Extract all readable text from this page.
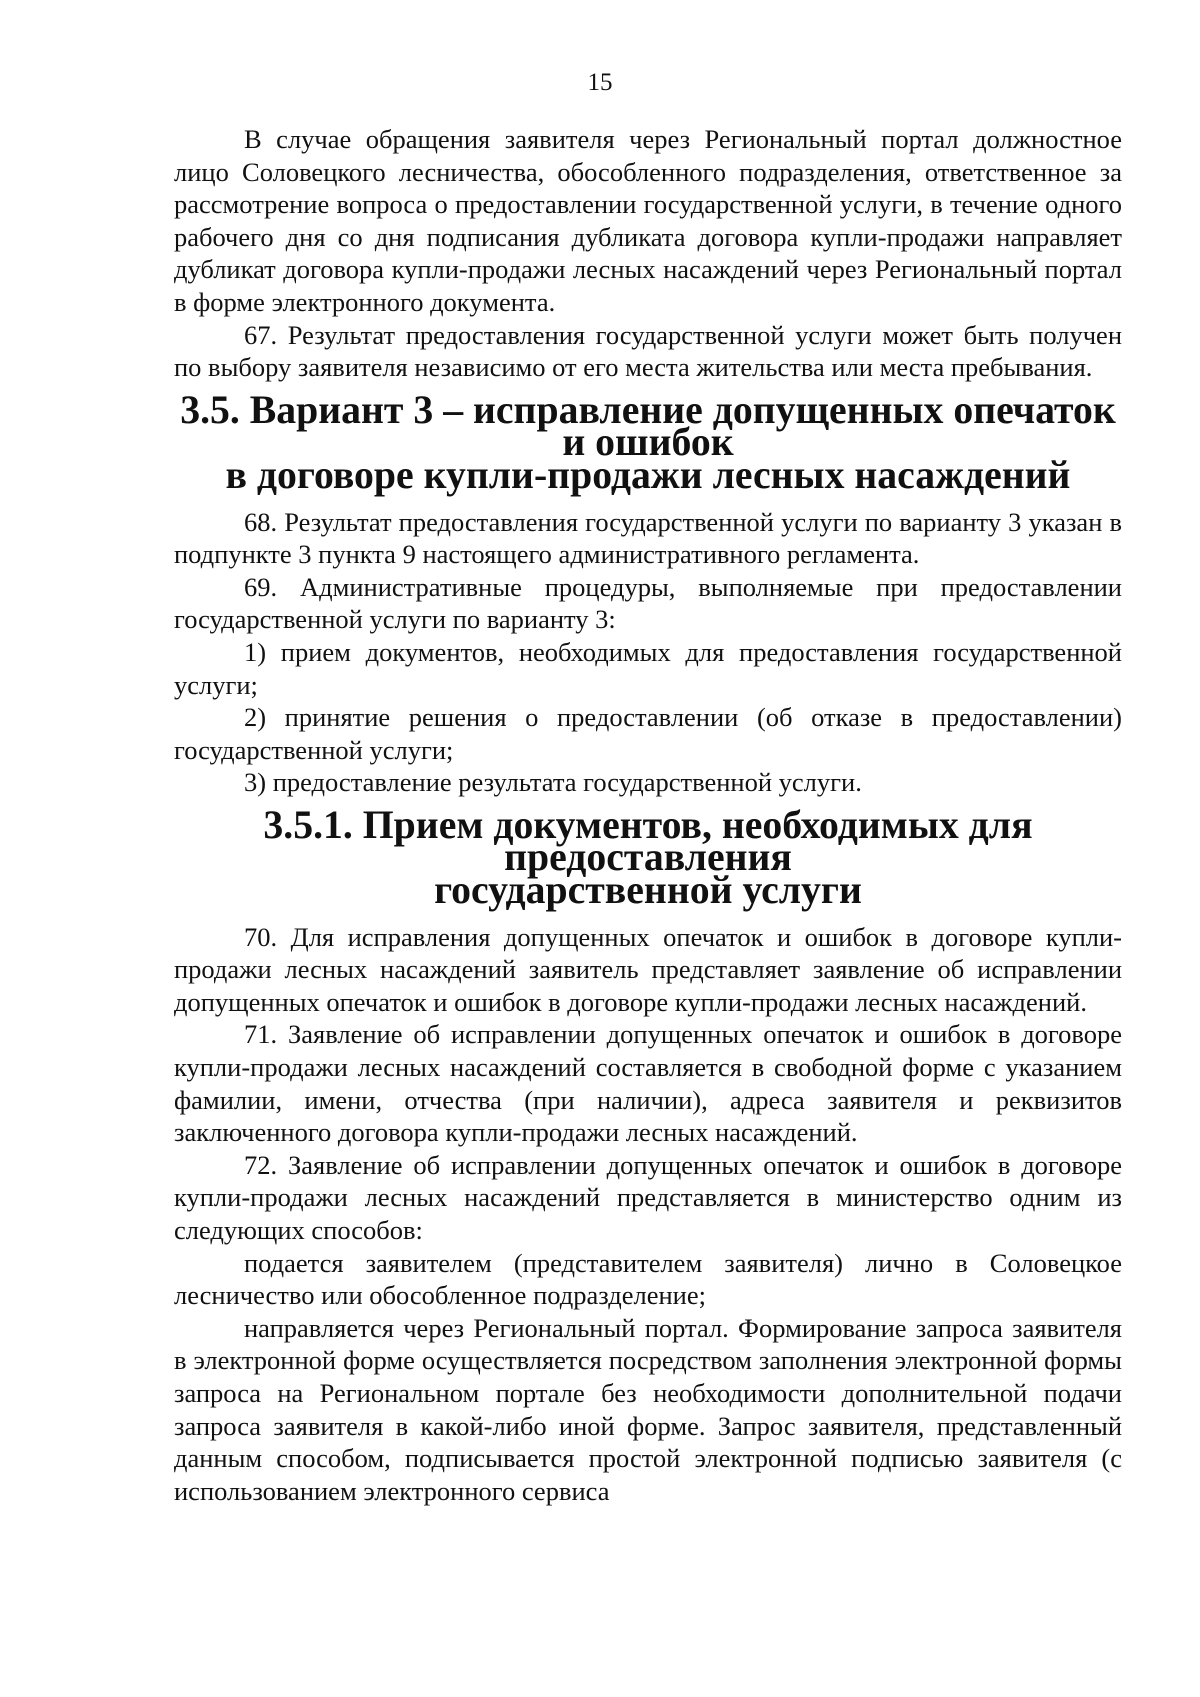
15

В случае обращения заявителя через Региональный портал должностное лицо Соловецкого лесничества, обособленного подразделения, ответственное за рассмотрение вопроса о предоставлении государственной услуги, в течение одного рабочего дня со дня подписания дубликата договора купли-продажи направляет дубликат договора купли-продажи лесных насаждений через Региональный портал в форме электронного документа.

67. Результат предоставления государственной услуги может быть получен по выбору заявителя независимо от его места жительства или места пребывания.

3.5. Вариант 3 – исправление допущенных опечаток и ошибок
в договоре купли-продажи лесных насаждений

68. Результат предоставления государственной услуги по варианту 3 указан в подпункте 3 пункта 9 настоящего административного регламента.

69. Административные процедуры, выполняемые при предоставлении государственной услуги по варианту 3:

1) прием документов, необходимых для предоставления государственной услуги;

2) принятие решения о предоставлении (об отказе в предоставлении) государственной услуги;

3) предоставление результата государственной услуги.

3.5.1. Прием документов, необходимых для предоставления
государственной услуги

70. Для исправления допущенных опечаток и ошибок в договоре купли-продажи лесных насаждений заявитель представляет заявление об исправлении допущенных опечаток и ошибок в договоре купли-продажи лесных насаждений.

71. Заявление об исправлении допущенных опечаток и ошибок в договоре купли-продажи лесных насаждений составляется в свободной форме с указанием фамилии, имени, отчества (при наличии), адреса заявителя и реквизитов заключенного договора купли-продажи лесных насаждений.

72. Заявление об исправлении допущенных опечаток и ошибок в договоре купли-продажи лесных насаждений представляется в министерство одним из следующих способов:

подается заявителем (представителем заявителя) лично в Соловецкое лесничество или обособленное подразделение;

направляется через Региональный портал. Формирование запроса заявителя в электронной форме осуществляется посредством заполнения электронной формы запроса на Региональном портале без необходимости дополнительной подачи запроса заявителя в какой-либо иной форме. Запрос заявителя, представленный данным способом, подписывается простой электронной подписью заявителя (с использованием электронного сервиса
